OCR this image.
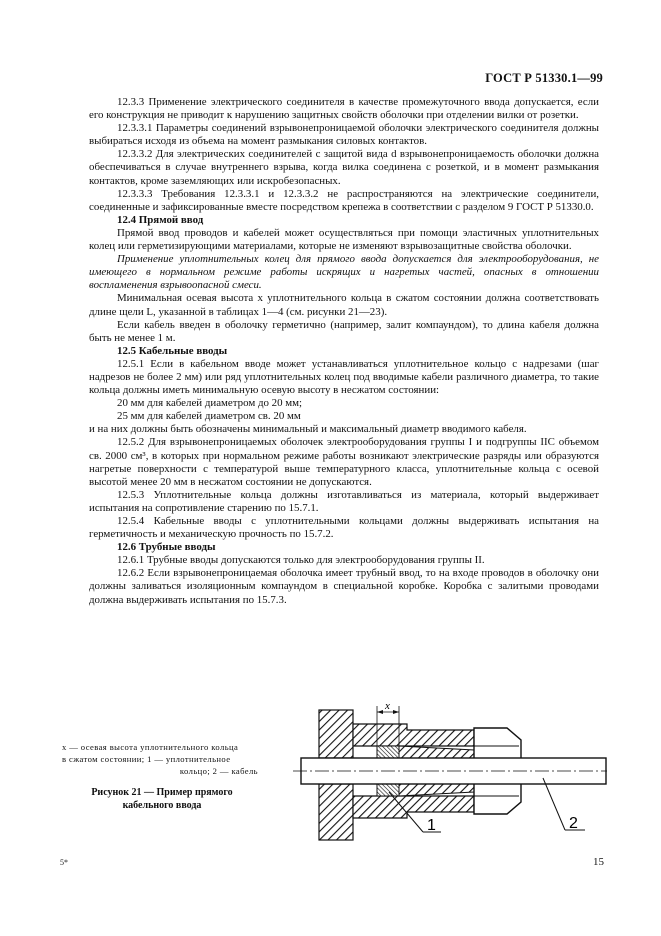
ГОСТ Р 51330.1—99

12.3.3 Применение электрического соединителя в качестве промежуточного ввода допускается, если его конструкция не приводит к нарушению защитных свойств оболочки при отделении вилки от розетки.

12.3.3.1 Параметры соединений взрывонепроницаемой оболочки электрического соединителя должны выбираться исходя из объема на момент размыкания силовых контактов.

12.3.3.2 Для электрических соединителей с защитой вида d взрывонепроницаемость оболочки должна обеспечиваться в случае внутреннего взрыва, когда вилка соединена с розеткой, и в момент размыкания контактов, кроме заземляющих или искробезопасных.

12.3.3.3 Требования 12.3.3.1 и 12.3.3.2 не распространяются на электрические соединители, соединенные и зафиксированные вместе посредством крепежа в соответствии с разделом 9 ГОСТ Р 51330.0.

12.4 Прямой ввод

Прямой ввод проводов и кабелей может осуществляться при помощи эластичных уплотнительных колец или герметизирующими материалами, которые не изменяют взрывозащитные свойства оболочки.

Применение уплотнительных колец для прямого ввода допускается для электрооборудования, не имеющего в нормальном режиме работы искрящих и нагретых частей, опасных в отношении воспламенения взрывоопасной смеси.

Минимальная осевая высота x уплотнительного кольца в сжатом состоянии должна соответствовать длине щели L, указанной в таблицах 1—4 (см. рисунки 21—23).

Если кабель введен в оболочку герметично (например, залит компаундом), то длина кабеля должна быть не менее 1 м.

12.5 Кабельные вводы

12.5.1 Если в кабельном вводе может устанавливаться уплотнительное кольцо с надрезами (шаг надрезов не более 2 мм) или ряд уплотнительных колец под вводимые кабели различного диаметра, то такие кольца должны иметь минимальную осевую высоту в несжатом состоянии:

20 мм для кабелей диаметром до 20 мм;

25 мм для кабелей диаметром св. 20 мм

и на них должны быть обозначены минимальный и максимальный диаметр вводимого кабеля.

12.5.2 Для взрывонепроницаемых оболочек электрооборудования группы I и подгруппы IIC объемом св. 2000 см³, в которых при нормальном режиме работы возникают электрические разряды или образуются нагретые поверхности с температурой выше температурного класса, уплотнительные кольца с осевой высотой менее 20 мм в несжатом состоянии не допускаются.

12.5.3 Уплотнительные кольца должны изготавливаться из материала, который выдерживает испытания на сопротивление старению по 15.7.1.

12.5.4 Кабельные вводы с уплотнительными кольцами должны выдерживать испытания на герметичность и механическую прочность по 15.7.2.

12.6 Трубные вводы

12.6.1 Трубные вводы допускаются только для электрооборудования группы II.

12.6.2 Если взрывонепроницаемая оболочка имеет трубный ввод, то на входе проводов в оболочку они должны заливаться изоляционным компаундом в специальной коробке. Коробка с залитыми проводами должна выдерживать испытания по 15.7.3.

x — осевая высота уплотнительного кольца
в сжатом состоянии; 1 — уплотнительное
кольцо; 2 — кабель
Рисунок 21 — Пример прямого
кабельного ввода
x
1	2
5*	15
